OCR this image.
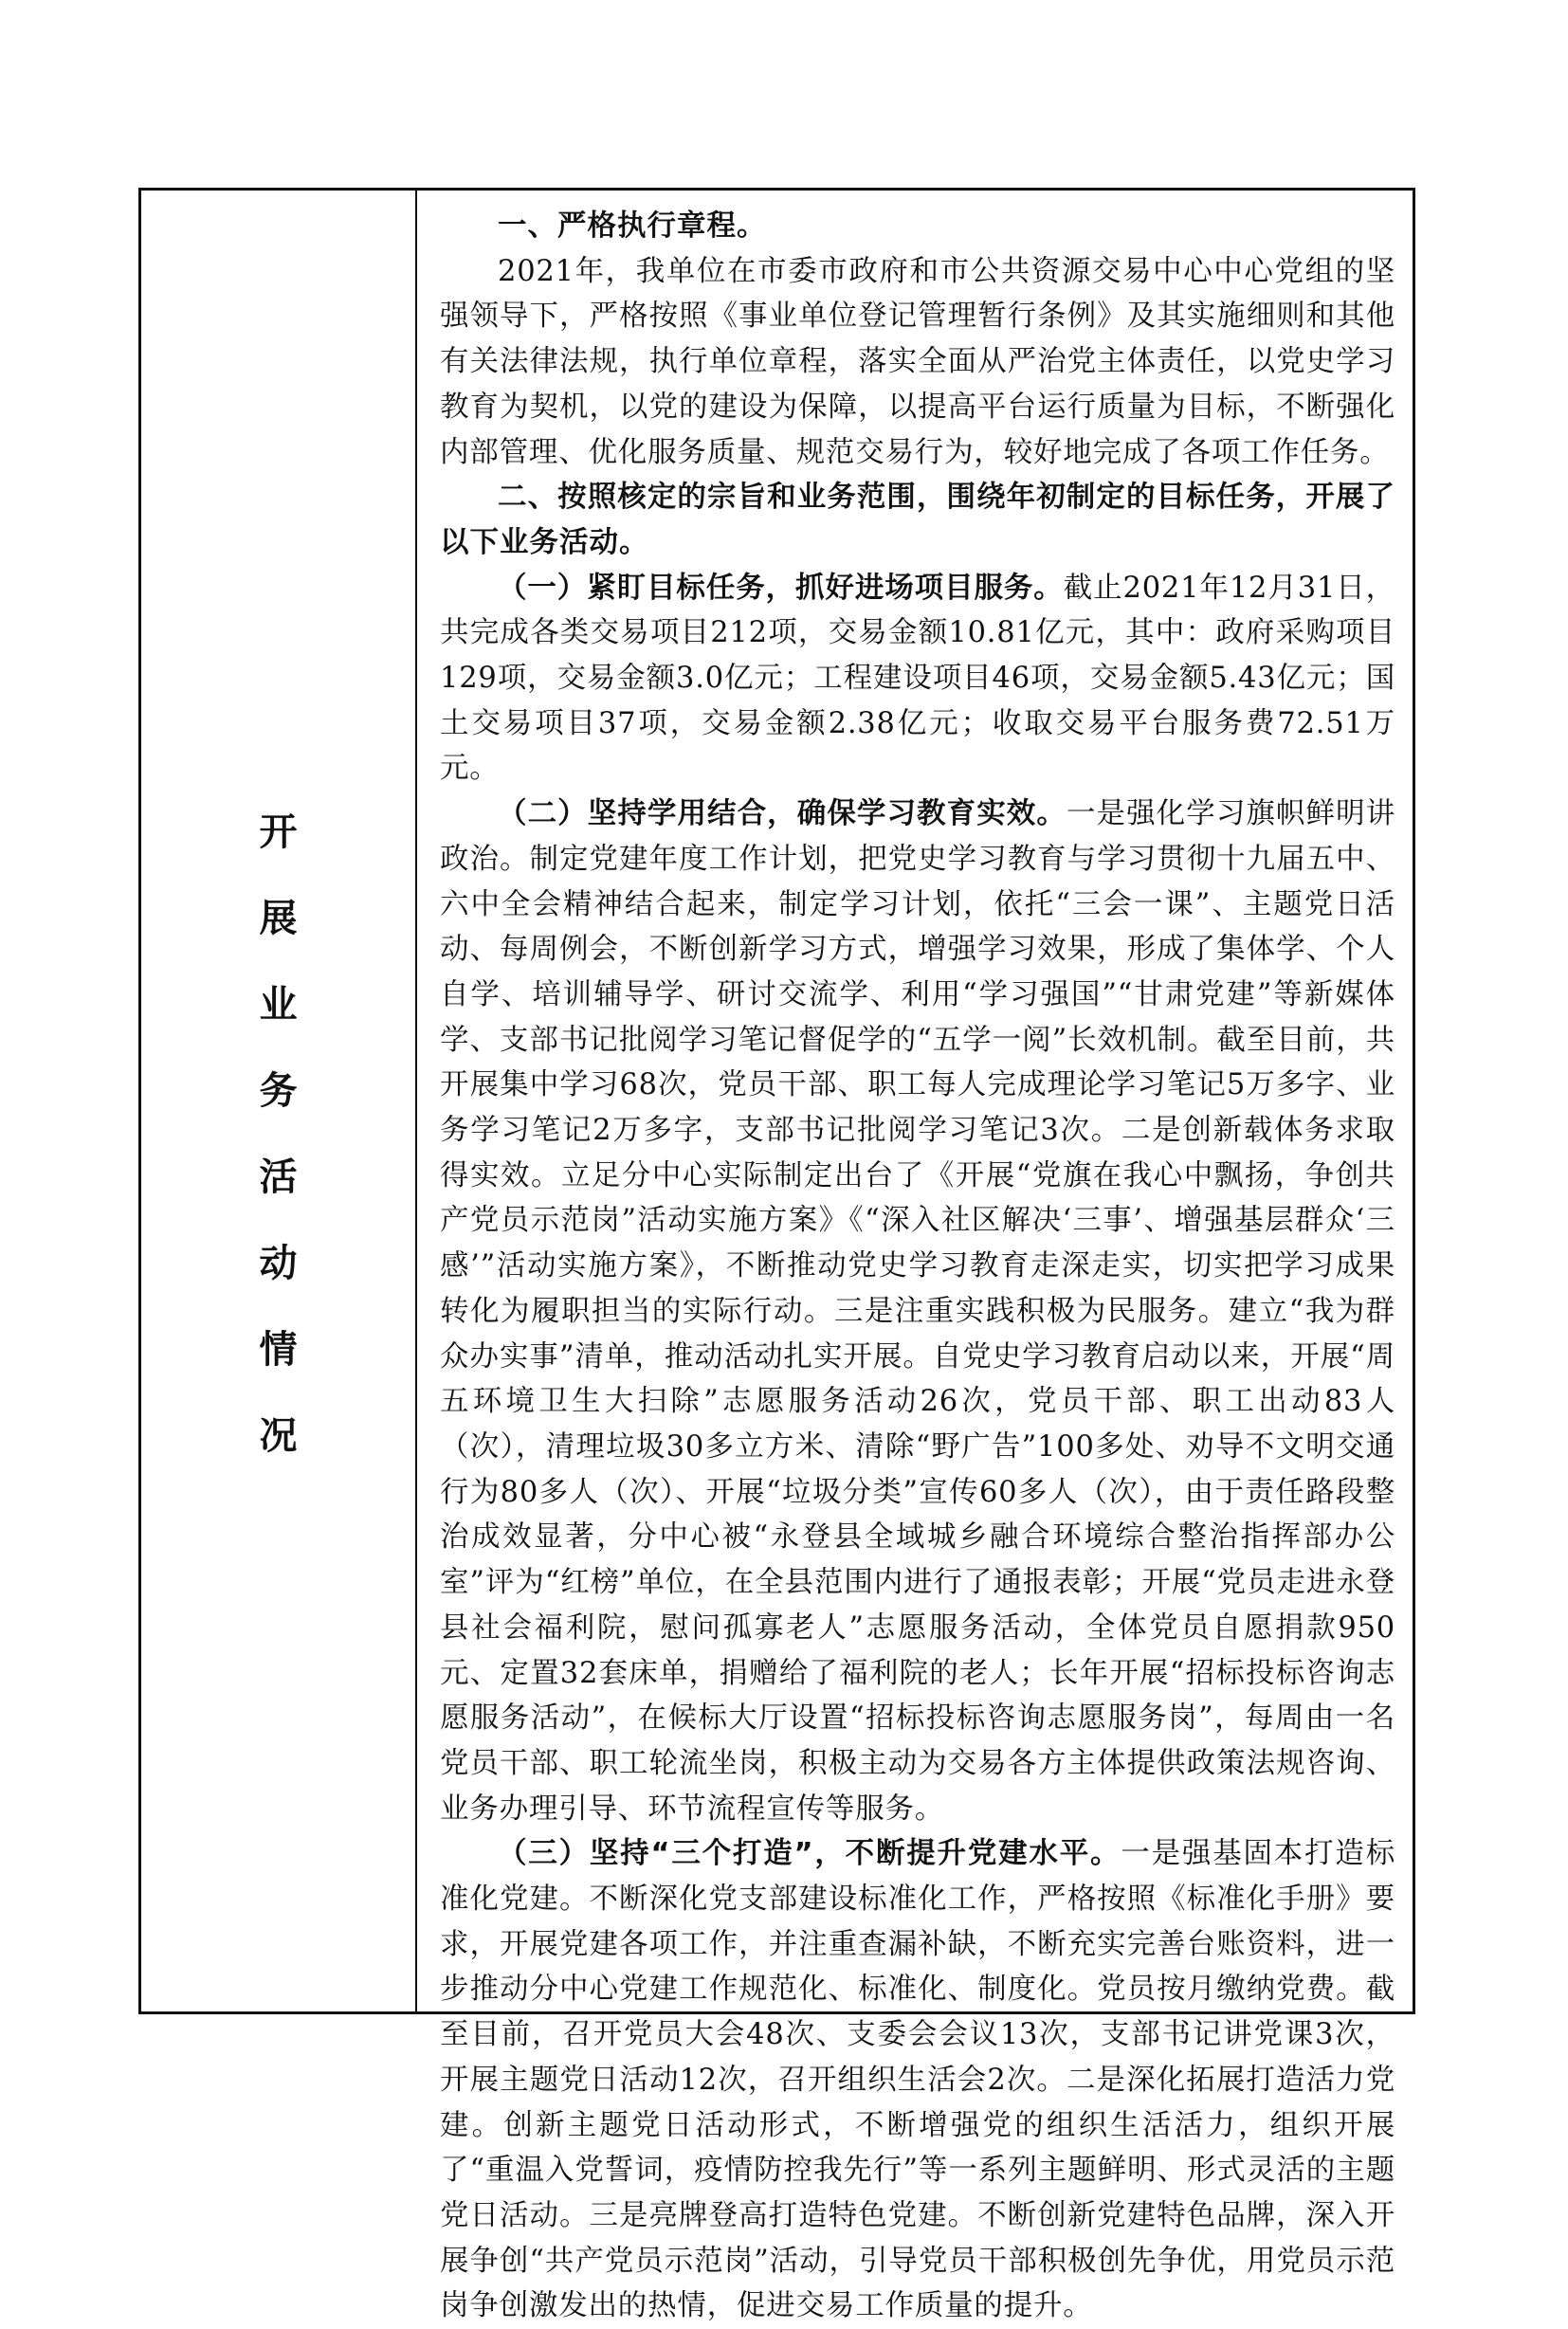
开
展
业
务
活
动
情
况

一、严格执行章程。

2021年，我单位在市委市政府和市公共资源交易中心中心党组的坚强领导下，严格按照《事业单位登记管理暂行条例》及其实施细则和其他有关法律法规，执行单位章程，落实全面从严治党主体责任，以党史学习教育为契机，以党的建设为保障，以提高平台运行质量为目标，不断强化内部管理、优化服务质量、规范交易行为，较好地完成了各项工作任务。

二、按照核定的宗旨和业务范围，围绕年初制定的目标任务，开展了以下业务活动。

（一）紧盯目标任务，抓好进场项目服务。截止2021年12月31日，共完成各类交易项目212项，交易金额10.81亿元，其中：政府采购项目129项，交易金额3.0亿元；工程建设项目46项，交易金额5.43亿元；国土交易项目37项，交易金额2.38亿元；收取交易平台服务费72.51万元。

（二）坚持学用结合，确保学习教育实效。一是强化学习旗帜鲜明讲政治。制定党建年度工作计划，把党史学习教育与学习贯彻十九届五中、六中全会精神结合起来，制定学习计划，依托“三会一课”、主题党日活动、每周例会，不断创新学习方式，增强学习效果，形成了集体学、个人自学、培训辅导学、研讨交流学、利用“学习强国”“甘肃党建”等新媒体学、支部书记批阅学习笔记督促学的“五学一阅”长效机制。截至目前，共开展集中学习68次，党员干部、职工每人完成理论学习笔记5万多字、业务学习笔记2万多字，支部书记批阅学习笔记3次。二是创新载体务求取得实效。立足分中心实际制定出台了《开展“党旗在我心中飘扬，争创共产党员示范岗”活动实施方案》《“深入社区解决‘三事’、增强基层群众‘三感’”活动实施方案》，不断推动党史学习教育走深走实，切实把学习成果转化为履职担当的实际行动。三是注重实践积极为民服务。建立“我为群众办实事”清单，推动活动扎实开展。自党史学习教育启动以来，开展“周五环境卫生大扫除”志愿服务活动26次，党员干部、职工出动83人（次），清理垃圾30多立方米、清除“野广告”100多处、劝导不文明交通行为80多人（次）、开展“垃圾分类”宣传60多人（次），由于责任路段整治成效显著，分中心被“永登县全域城乡融合环境综合整治指挥部办公室”评为“红榜”单位，在全县范围内进行了通报表彰；开展“党员走进永登县社会福利院，慰问孤寡老人”志愿服务活动，全体党员自愿捐款950元、定置32套床单，捐赠给了福利院的老人；长年开展“招标投标咨询志愿服务活动”，在候标大厅设置“招标投标咨询志愿服务岗”，每周由一名党员干部、职工轮流坐岗，积极主动为交易各方主体提供政策法规咨询、业务办理引导、环节流程宣传等服务。

（三）坚持“三个打造”，不断提升党建水平。一是强基固本打造标准化党建。不断深化党支部建设标准化工作，严格按照《标准化手册》要求，开展党建各项工作，并注重查漏补缺，不断充实完善台账资料，进一步推动分中心党建工作规范化、标准化、制度化。党员按月缴纳党费。截至目前，召开党员大会48次、支委会会议13次，支部书记讲党课3次，开展主题党日活动12次，召开组织生活会2次。二是深化拓展打造活力党建。创新主题党日活动形式，不断增强党的组织生活活力，组织开展了“重温入党誓词，疫情防控我先行”等一系列主题鲜明、形式灵活的主题党日活动。三是亮牌登高打造特色党建。不断创新党建特色品牌，深入开展争创“共产党员示范岗”活动，引导党员干部积极创先争优，用党员示范岗争创激发出的热情，促进交易工作质量的提升。
